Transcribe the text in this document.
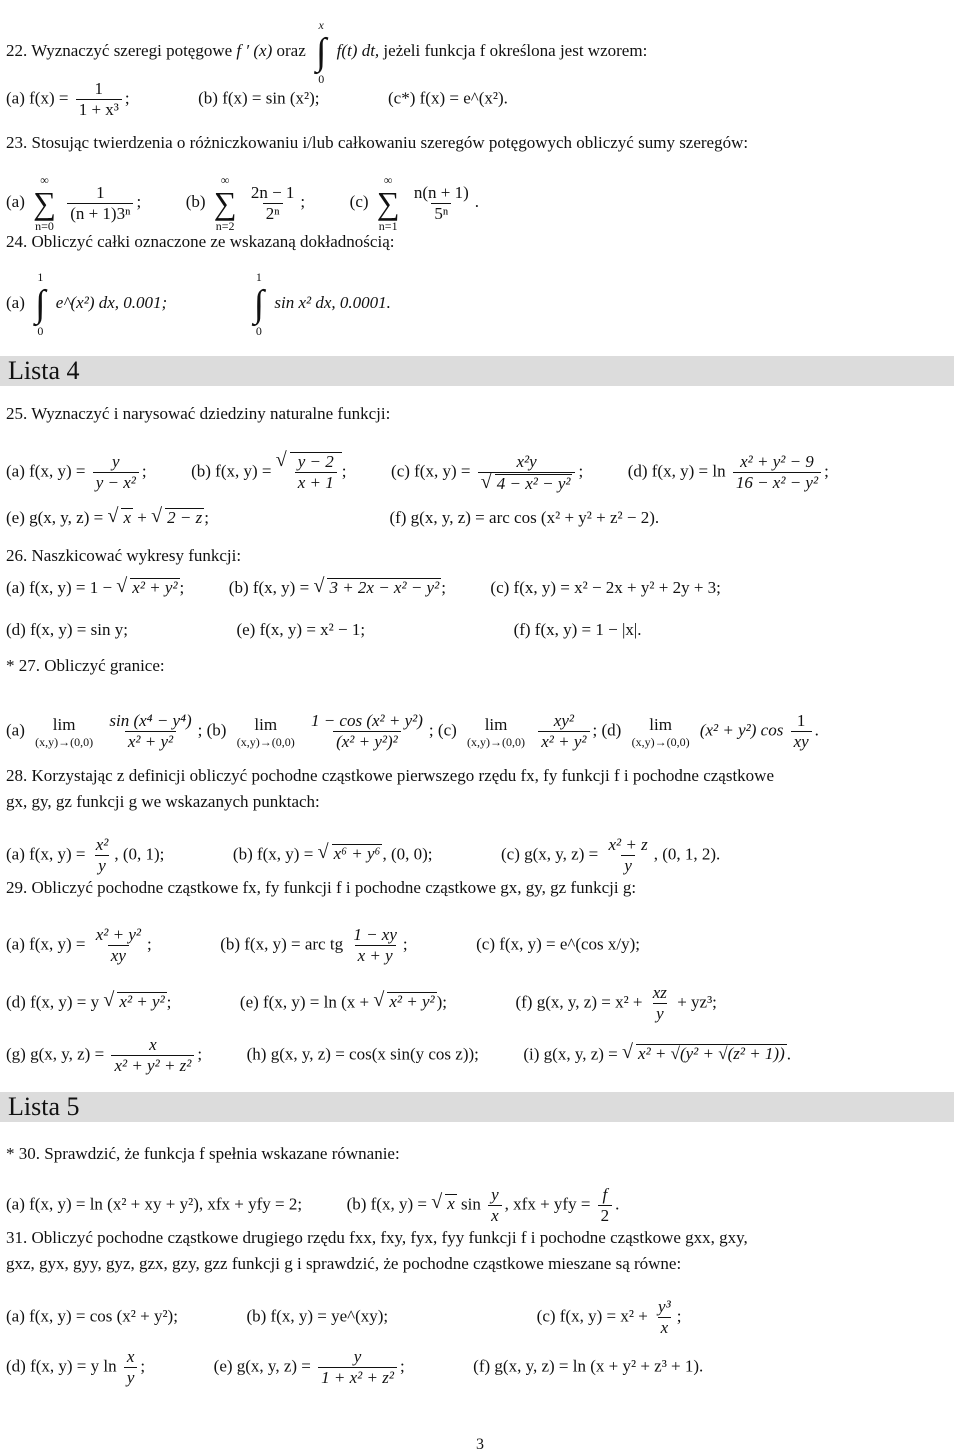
22. Wyznaczyć szeregi potęgowe f ′ (x) oraz
x
∫
0
f(t) dt, jeżeli funkcja f określona jest wzorem:
(a) $f(x) = \frac{1}{\text{1 + x³}}$ ;	(b) f(x) = sin (x²);	(c*) f(x) = e^(x²).
23. Stosując twierdzenia o różniczkowaniu i/lub całkowaniu szeregów potęgowych obliczyć sumy szeregów:
(a)
∞
∑
n=0

$\frac{1}{\text{(n + 1)3ⁿ}}$ ;	(b)
∞
∑
n=2

$\frac{2n - 1}{\text{2ⁿ}}$ ;	(c)
∞
∑
n=1

$\frac{n(n + 1)}{\text{5ⁿ}}$ .
24. Obliczyć całki oznaczone ze wskazaną dokładnością:
(a)
1
∫
0
e^(x²) dx, 0.001;
1
∫
0
sin x² dx, 0.0001.
Lista 4
25. Wyznaczyć i narysować dziedziny naturalne funkcji:
(a) f(x, $y) = \frac{y}{\text{y − x²}}$ ;	(b) f(x, y) = √ $\frac{y - 2}{x + 1}$ ;	(c) f(x, y) = x²y
√ 4 − x² − y² ;	(d) f(x, $y) = \ln \frac{\text{x² + y² − 9}}{\text{16 − x² − y²}}$ ;
(e) g(x, y, z) = √ x + √ 2 − z ;	(f) g(x, y, z) = arc cos (x² + y² + z² − 2).
26. Naszkicować wykresy funkcji:
(a) f(x, y) = 1 − √ x² + y² ;	(b) f(x, y) = √ 3 + 2x − x² − y² ;	(c) f(x, y) = x² − 2x + y² + 2y + 3;
(d) f(x, y) = sin y;	(e) f(x, y) = x² − 1;	(f) f(x, y) = 1 − |x|.
* 27. Obliczyć granice:
(a) lim
(x,y)→(0,0)
$\frac{\text{sin (x⁴ − y⁴)}}{\text{x² + y²}}$ ; (b) lim
(x,y)→(0,0)
$\frac{\text{1 − cos (x² + y²)}}{\text{(x² + y²)²}}$ ; (c) lim
(x,y)→(0,0)
$\frac{\text{xy²}}{\text{x² + y²}}$ ; (d) lim
(x,y)→(0,0)
(x² + y²) $\cos \frac{1}{xy}$ .
28. Korzystając z definicji obliczyć pochodne cząstkowe pierwszego rzędu fx, fy funkcji f i pochodne cząstkowe
gx, gy, gz funkcji g we wskazanych punktach:
(a) f(x, $y) = \frac{\text{x²}}{y}$ , (0, 1);	(b) f(x, y) = √ x⁶ + y⁶ , (0, 0);	(c) g(x, y, $z) = \frac{\text{x² + z}}{y}$ , (0, 1, 2).
29. Obliczyć pochodne cząstkowe fx, fy funkcji f i pochodne cząstkowe gx, gy, gz funkcji g:
(a) f(x, $y) = \frac{\text{x² + y²}}{xy}$ ;	(b) f(x, y) = arc tg $\frac{1 - xy}{x + y}$ ;	(c) f(x, y) = e^(cos x/y);
(d) f(x, y) = y √ x² + y² ;	(e) f(x, y) = ln (x + √ x² + y² );	(f) g(x, y, $z) = x^2 + \frac{xz}{y} + yz^3$;
(g) g(x, y, $z) = \frac{x}{\text{x² + y² + z²}}$ ;	(h) g(x, y, z) = cos(x sin(y cos z));	(i) g(x, y, z) = √ x² + √(y² + √(z² + 1)) .
Lista 5
* 30. Sprawdzić, że funkcja f spełnia wskazane równanie:
(a) f(x, y) = ln (x² + xy + y²), xfx + yfy = 2;	(b) f(x, y) = √ x $\sin \frac{y}{x}$ , xfx + yfy = $\frac{f}{2}$ .
31. Obliczyć pochodne cząstkowe drugiego rzędu fxx, fxy, fyx, fyy funkcji f i pochodne cząstkowe gxx, gxy,
gxz, gyx, gyy, gyz, gzx, gzy, gzz funkcji g i sprawdzić, że pochodne cząstkowe mieszane są równe:
(a) f(x, y) = cos (x² + y²);	(b) f(x, y) = ye^(xy);	(c) f(x, $y) = x^2 + \frac{\text{y³}}{x}$ ;
(d) f(x, y) = y $\ln \frac{x}{y}$ ;	(e) g(x, y, $z) = \frac{y}{\text{1 + x² + z²}}$ ;	(f) g(x, y, z) = ln (x + y² + z³ + 1).
3
